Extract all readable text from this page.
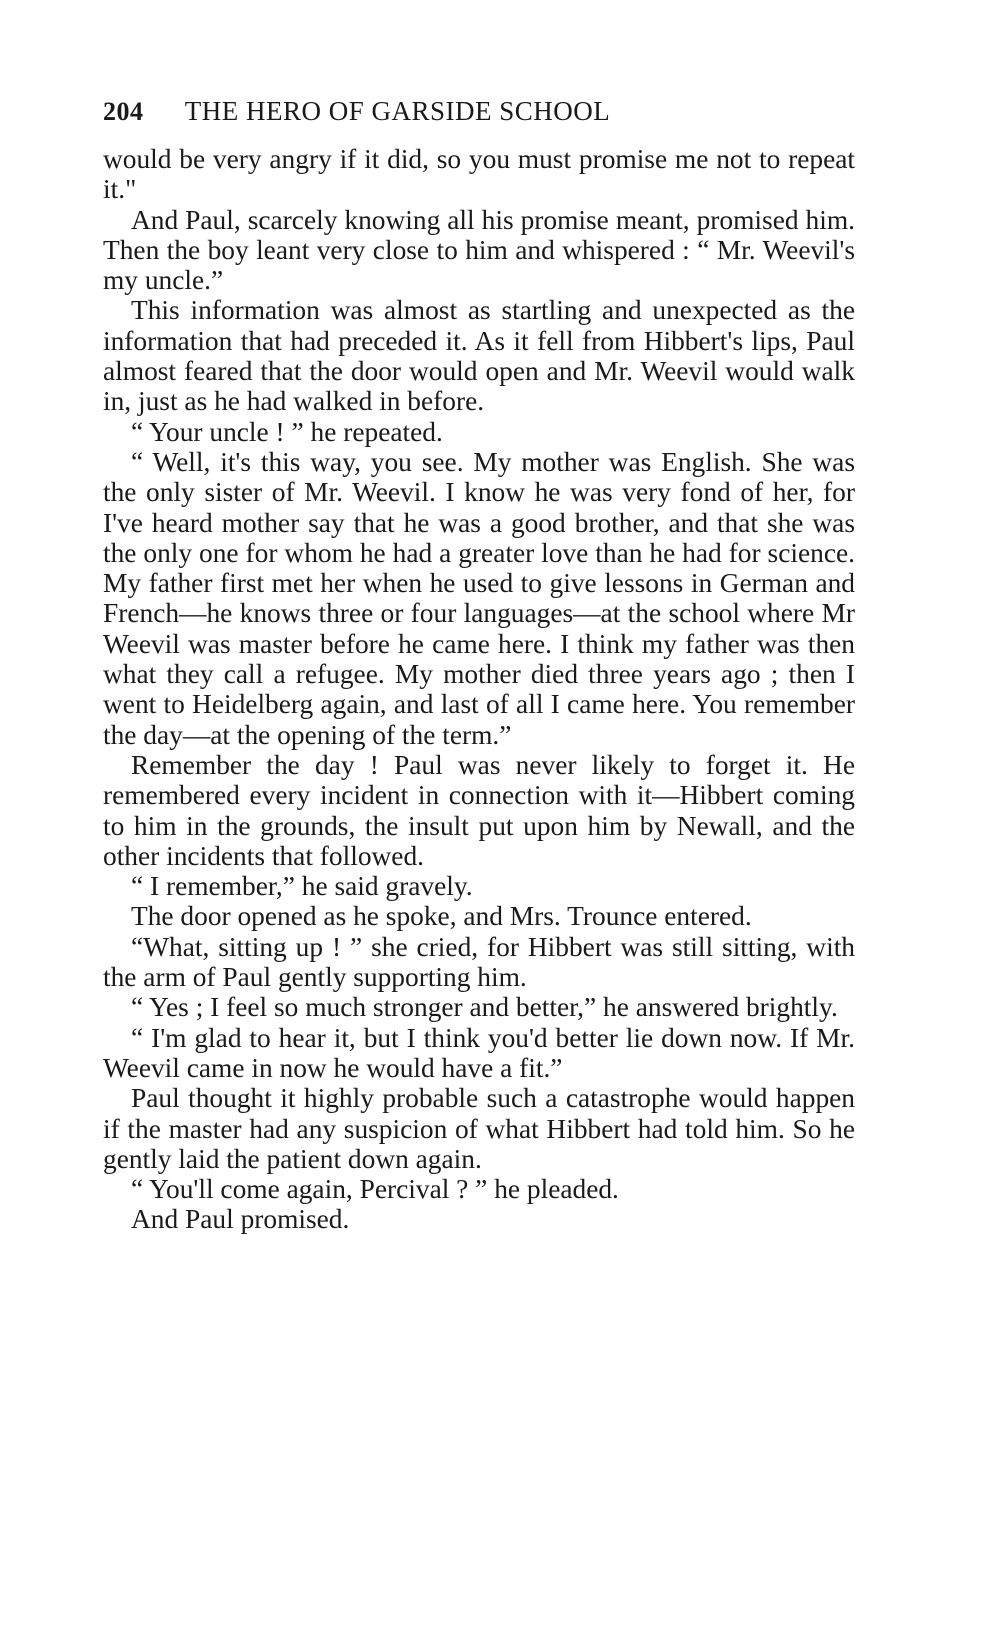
204 THE HERO OF GARSIDE SCHOOL

would be very angry if it did, so you must promise me not to repeat it."

And Paul, scarcely knowing all his promise meant, promised him. Then the boy leant very close to him and whispered : “ Mr. Weevil's my uncle.”

This information was almost as startling and unexpected as the information that had preceded it. As it fell from Hibbert's lips, Paul almost feared that the door would open and Mr. Weevil would walk in, just as he had walked in before.

“ Your uncle ! ” he repeated.

“ Well, it's this way, you see. My mother was English. She was the only sister of Mr. Weevil. I know he was very fond of her, for I've heard mother say that he was a good brother, and that she was the only one for whom he had a greater love than he had for science. My father first met her when he used to give lessons in German and French—he knows three or four languages—at the school where Mr Weevil was master before he came here. I think my father was then what they call a refugee. My mother died three years ago ; then I went to Heidelberg again, and last of all I came here. You remember the day—at the opening of the term.”

Remember the day ! Paul was never likely to forget it. He remembered every incident in connection with it—Hibbert coming to him in the grounds, the insult put upon him by Newall, and the other incidents that followed.

“ I remember,” he said gravely.

The door opened as he spoke, and Mrs. Trounce entered.

“What, sitting up ! ” she cried, for Hibbert was still sitting, with the arm of Paul gently supporting him.

“ Yes ; I feel so much stronger and better,” he answered brightly.

“ I'm glad to hear it, but I think you'd better lie down now. If Mr. Weevil came in now he would have a fit.”

Paul thought it highly probable such a catastrophe would happen if the master had any suspicion of what Hibbert had told him. So he gently laid the patient down again.

“ You'll come again, Percival ? ” he pleaded.

And Paul promised.
